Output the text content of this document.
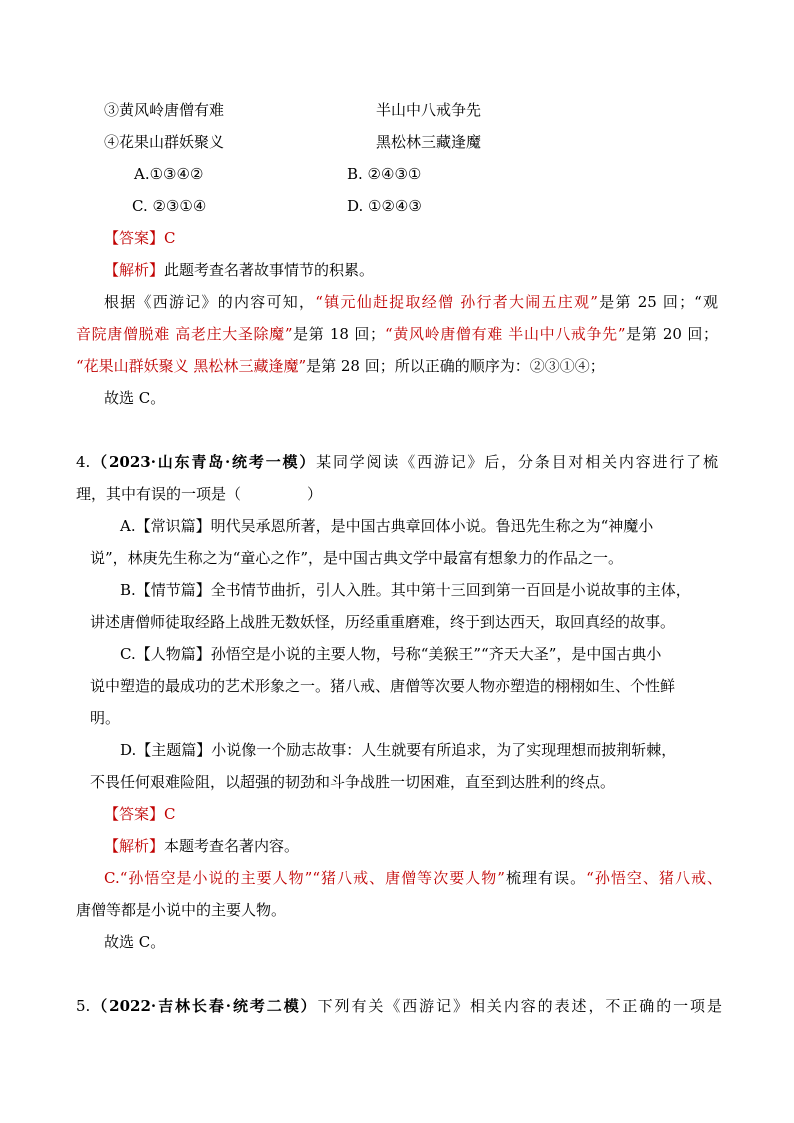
③黄风岭唐僧有难	半山中八戒争先
④花果山群妖聚义	黑松林三藏逢魔
A.①③④②	B. ②④③①
C. ②③①④	D. ①②④③
【答案】C
【解析】此题考查名著故事情节的积累。
根据《西游记》的内容可知，“镇元仙赶捉取经僧 孙行者大闹五庄观”是第 25 回；“观
音院唐僧脱难 高老庄大圣除魔”是第 18 回；“黄风岭唐僧有难 半山中八戒争先”是第 20 回；
“花果山群妖聚义 黑松林三藏逢魔”是第 28 回；所以正确的顺序为：②③①④；
故选 C。
4.（2023·山东青岛·统考一模）某同学阅读《西游记》后，分条目对相关内容进行了梳
理，其中有误的一项是（	）
A.【常识篇】明代吴承恩所著，是中国古典章回体小说。鲁迅先生称之为“神魔小
说”，林庚先生称之为“童心之作”，是中国古典文学中最富有想象力的作品之一。
B.【情节篇】全书情节曲折，引人入胜。其中第十三回到第一百回是小说故事的主体，
讲述唐僧师徒取经路上战胜无数妖怪，历经重重磨难，终于到达西天，取回真经的故事。
C.【人物篇】孙悟空是小说的主要人物，号称“美猴王”“齐天大圣”，是中国古典小
说中塑造的最成功的艺术形象之一。猪八戒、唐僧等次要人物亦塑造的栩栩如生、个性鲜
明。
D.【主题篇】小说像一个励志故事：人生就要有所追求，为了实现理想而披荆斩棘，
不畏任何艰难险阻，以超强的韧劲和斗争战胜一切困难，直至到达胜利的终点。
【答案】C
【解析】本题考查名著内容。
C.“孙悟空是小说的主要人物”“猪八戒、唐僧等次要人物”梳理有误。“孙悟空、猪八戒、
唐僧等都是小说中的主要人物。
故选 C。
5.（2022·吉林长春·统考二模）下列有关《西游记》相关内容的表述，不正确的一项是
